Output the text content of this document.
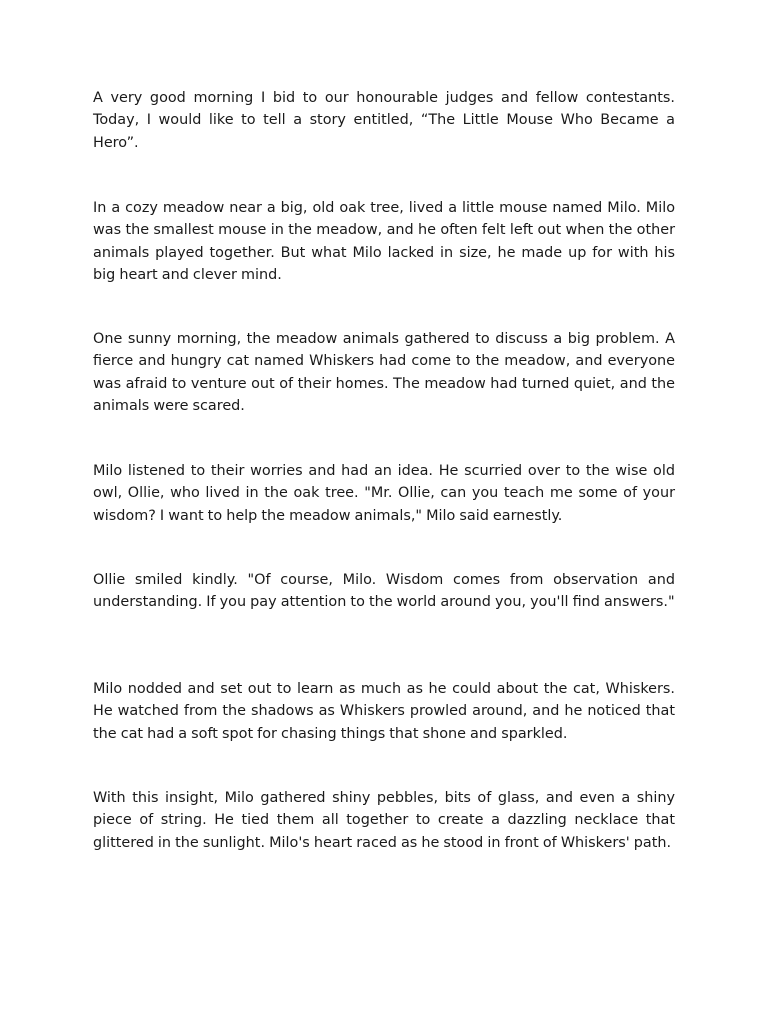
A very good morning I bid to our honourable judges and fellow contestants. Today, I would like to tell a story entitled, “The Little Mouse Who Became a Hero”.

In a cozy meadow near a big, old oak tree, lived a little mouse named Milo. Milo was the smallest mouse in the meadow, and he often felt left out when the other animals played together. But what Milo lacked in size, he made up for with his big heart and clever mind.

One sunny morning, the meadow animals gathered to discuss a big problem. A fierce and hungry cat named Whiskers had come to the meadow, and everyone was afraid to venture out of their homes. The meadow had turned quiet, and the animals were scared.

Milo listened to their worries and had an idea. He scurried over to the wise old owl, Ollie, who lived in the oak tree. "Mr. Ollie, can you teach me some of your wisdom? I want to help the meadow animals," Milo said earnestly.

Ollie smiled kindly. "Of course, Milo. Wisdom comes from observation and understanding. If you pay attention to the world around you, you'll find answers."

Milo nodded and set out to learn as much as he could about the cat, Whiskers. He watched from the shadows as Whiskers prowled around, and he noticed that the cat had a soft spot for chasing things that shone and sparkled.

With this insight, Milo gathered shiny pebbles, bits of glass, and even a shiny piece of string. He tied them all together to create a dazzling necklace that glittered in the sunlight. Milo's heart raced as he stood in front of Whiskers' path.
